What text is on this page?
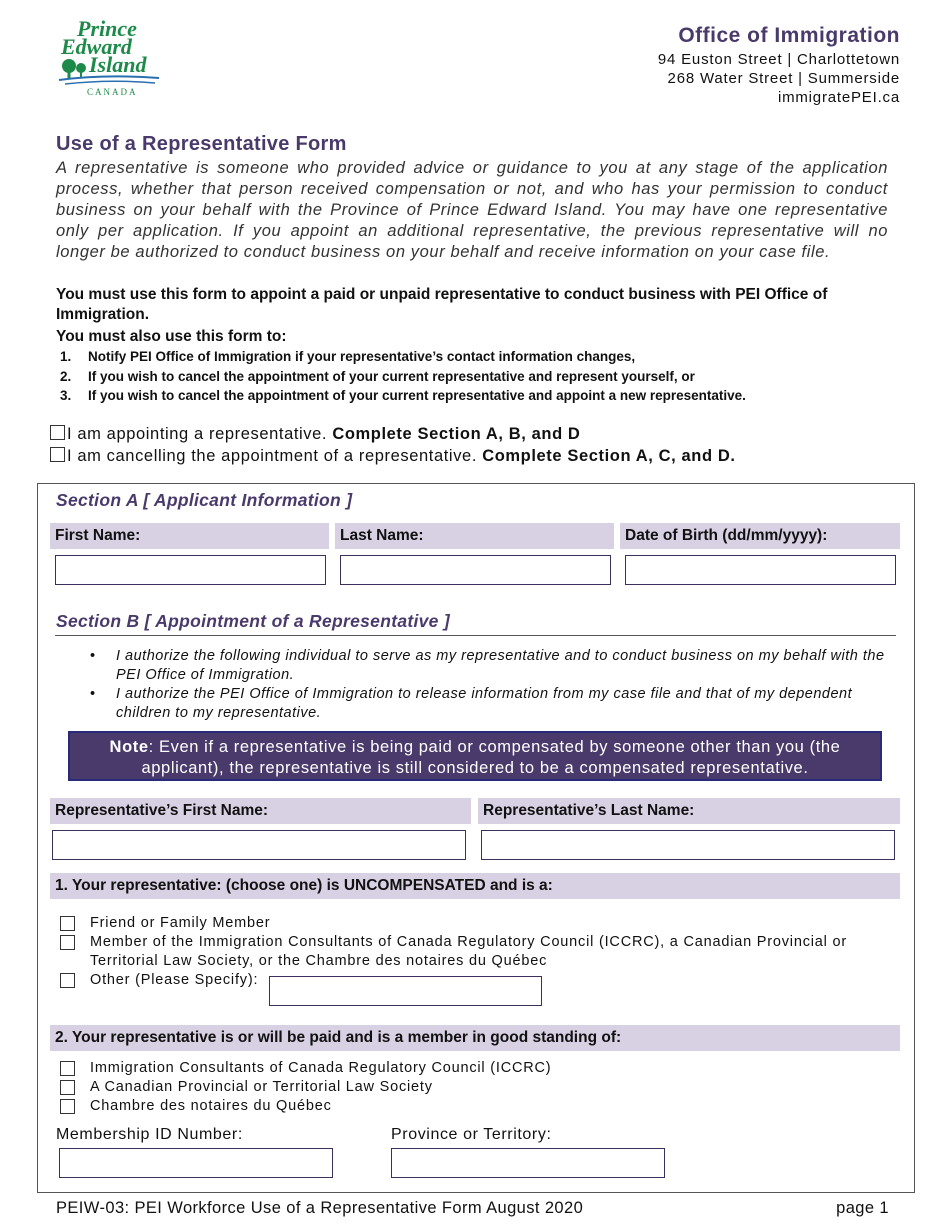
Prince
Edward
Island
CANADA
Office of Immigration
94 Euston Street | Charlottetown
268 Water Street | Summerside
immigratePEI.ca
Use of a Representative Form
A representative is someone who provided advice or guidance to you at any stage of the application process, whether that person received compensation or not, and who has your permission to conduct business on your behalf with the Province of Prince Edward Island. You may have one representative only per application. If you appoint an additional representative, the previous representative will no longer be authorized to conduct business on your behalf and receive information on your case file.
You must use this form to appoint a paid or unpaid representative to conduct business with PEI Office of Immigration.
You must also use this form to:
1. Notify PEI Office of Immigration if your representative’s contact information changes,
2. If you wish to cancel the appointment of your current representative and represent yourself, or
3. If you wish to cancel the appointment of your current representative and appoint a new representative.
I am appointing a representative. Complete Section A, B, and D
I am cancelling the appointment of a representative. Complete Section A, C, and D.
Section A [ Applicant Information ]
First Name:	Last Name:	Date of Birth (dd/mm/yyyy):
Section B [ Appointment of a Representative ]
• I authorize the following individual to serve as my representative and to conduct business on my behalf with the PEI Office of Immigration.
• I authorize the PEI Office of Immigration to release information from my case file and that of my dependent children to my representative.
Note: Even if a representative is being paid or compensated by someone other than you (the applicant), the representative is still considered to be a compensated representative.
Representative’s First Name:	Representative’s Last Name:
1. Your representative: (choose one) is UNCOMPENSATED and is a:
Friend or Family Member
Member of the Immigration Consultants of Canada Regulatory Council (ICCRC), a Canadian Provincial or Territorial Law Society, or the Chambre des notaires du Québec
Other (Please Specify):
2. Your representative is or will be paid and is a member in good standing of:
Immigration Consultants of Canada Regulatory Council (ICCRC)
A Canadian Provincial or Territorial Law Society
Chambre des notaires du Québec
Membership ID Number:	Province or Territory:
PEIW-03: PEI Workforce Use of a Representative Form August 2020	page 1
